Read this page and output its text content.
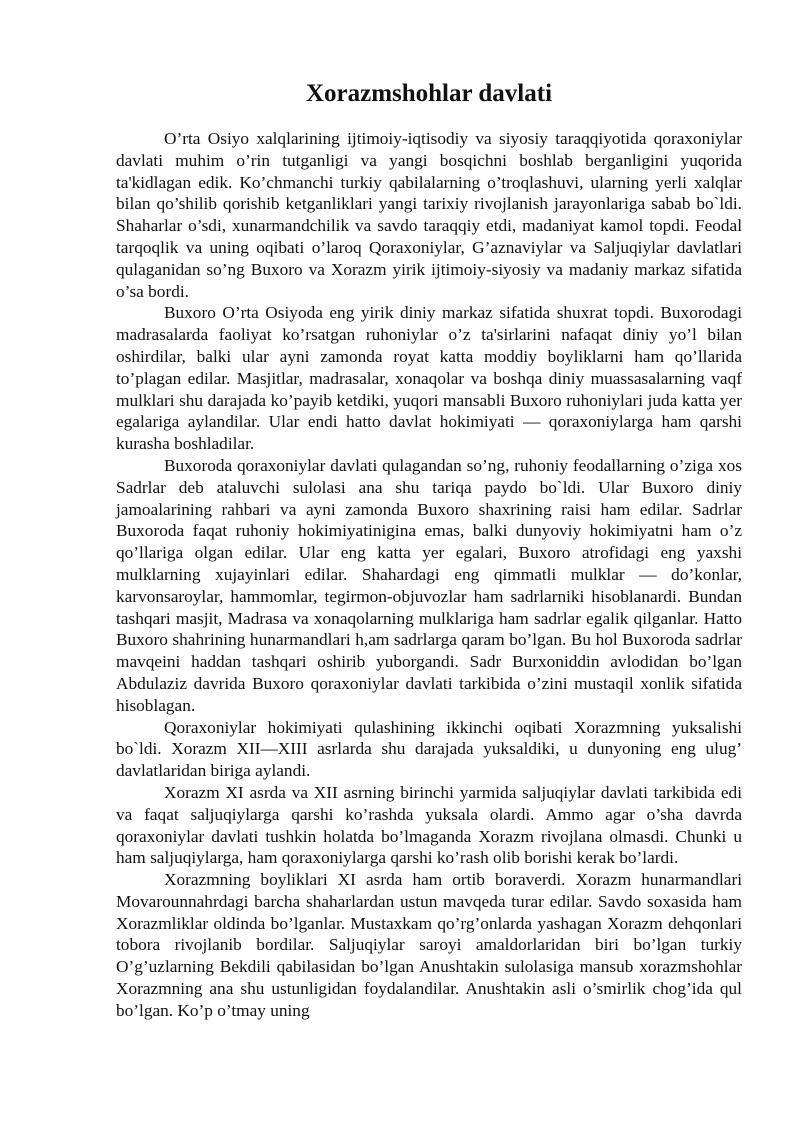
Xorazmshohlar davlati

O’rta Osiyo xalqlarining ijtimoiy-iqtisodiy va siyosiy taraqqiyotida qoraxoniylar davlati muhim o’rin tutganligi va yangi bosqichni boshlab berganligini yuqorida ta'kidlagan edik. Ko’chmanchi turkiy qabilalarning o’troqlashuvi, ularning yerli xalqlar bilan qo’shilib qorishib ketganliklari yangi tarixiy rivojlanish jarayonlariga sabab bo`ldi. Shaharlar o’sdi, xunarmandchilik va savdo taraqqiy etdi, madaniyat kamol topdi. Feodal tarqoqlik va uning oqibati o’laroq Qoraxoniylar, G’aznaviylar va Saljuqiylar davlatlari qulaganidan so’ng Buxoro va Xorazm yirik ijtimoiy-siyosiy va madaniy markaz sifatida o’sa bordi.

Buxoro O’rta Osiyoda eng yirik diniy markaz sifatida shuxrat topdi. Buxorodagi madrasalarda faoliyat ko’rsatgan ruhoniylar o’z ta'sirlarini nafaqat diniy yo’l bilan oshirdilar, balki ular ayni zamonda royat katta moddiy boyliklarni ham qo’llarida to’plagan edilar. Masjitlar, madrasalar, xonaqolar va boshqa diniy muassasalarning vaqf mulklari shu darajada ko’payib ketdiki, yuqori mansabli Buxoro ruhoniylari juda katta yer egalariga aylandilar. Ular endi hatto davlat hokimiyati — qoraxoniylarga ham qarshi kurasha boshladilar.

Buxoroda qoraxoniylar davlati qulagandan so’ng, ruhoniy feodallarning o’ziga xos Sadrlar deb ataluvchi sulolasi ana shu tariqa paydo bo`ldi. Ular Buxoro diniy jamoalarining rahbari va ayni zamonda Buxoro shaxrining raisi ham edilar. Sadrlar Buxoroda faqat ruhoniy hokimiyatinigina emas, balki dunyoviy hokimiyatni ham o’z qo’llariga olgan edilar. Ular eng katta yer egalari, Buxoro atrofidagi eng yaxshi mulklarning xujayinlari edilar. Shahardagi eng qimmatli mulklar — do’konlar, karvonsaroylar, hammomlar, tegirmon-objuvozlar ham sadrlarniki hisoblanardi. Bundan tashqari masjit, Madrasa va xonaqolarning mulklariga ham sadrlar egalik qilganlar. Hatto Buxoro shahrining hunarmandlari h,am sadrlarga qaram bo’lgan. Bu hol Buxoroda sadrlar mavqeini haddan tashqari oshirib yuborgandi. Sadr Burxoniddin avlodidan bo’lgan Abdulaziz davrida Buxoro qoraxoniylar davlati tarkibida o’zini mustaqil xonlik sifatida hisoblagan.

Qoraxoniylar hokimiyati qulashining ikkinchi oqibati Xorazmning yuksalishi bo`ldi. Xorazm XII—XIII asrlarda shu darajada yuksaldiki, u dunyoning eng ulug’ davlatlaridan biriga aylandi.

Xorazm XI asrda va XII asrning birinchi yarmida saljuqiylar davlati tarkibida edi va faqat saljuqiylarga qarshi ko’rashda yuksala olardi. Ammo agar o’sha davrda qoraxoniylar davlati tushkin holatda bo’lmaganda Xorazm rivojlana olmasdi. Chunki u ham saljuqiylarga, ham qoraxoniylarga qarshi ko’rash olib borishi kerak bo’lardi.

Xorazmning boyliklari XI asrda ham ortib boraverdi. Xorazm hunarmandlari Movarounnahrdagi barcha shaharlardan ustun mavqeda turar edilar. Savdo soxasida ham Xorazmliklar oldinda bo’lganlar. Mustaxkam qo’rg’onlarda yashagan Xorazm dehqonlari tobora rivojlanib bordilar. Saljuqiylar saroyi amaldorlaridan biri bo’lgan turkiy O’g’uzlarning Bekdili qabilasidan bo’lgan Anushtakin sulolasiga mansub xorazmshohlar Xorazmning ana shu ustunligidan foydalandilar. Anushtakin asli o’smirlik chog’ida qul bo’lgan. Ko’p o’tmay uning
